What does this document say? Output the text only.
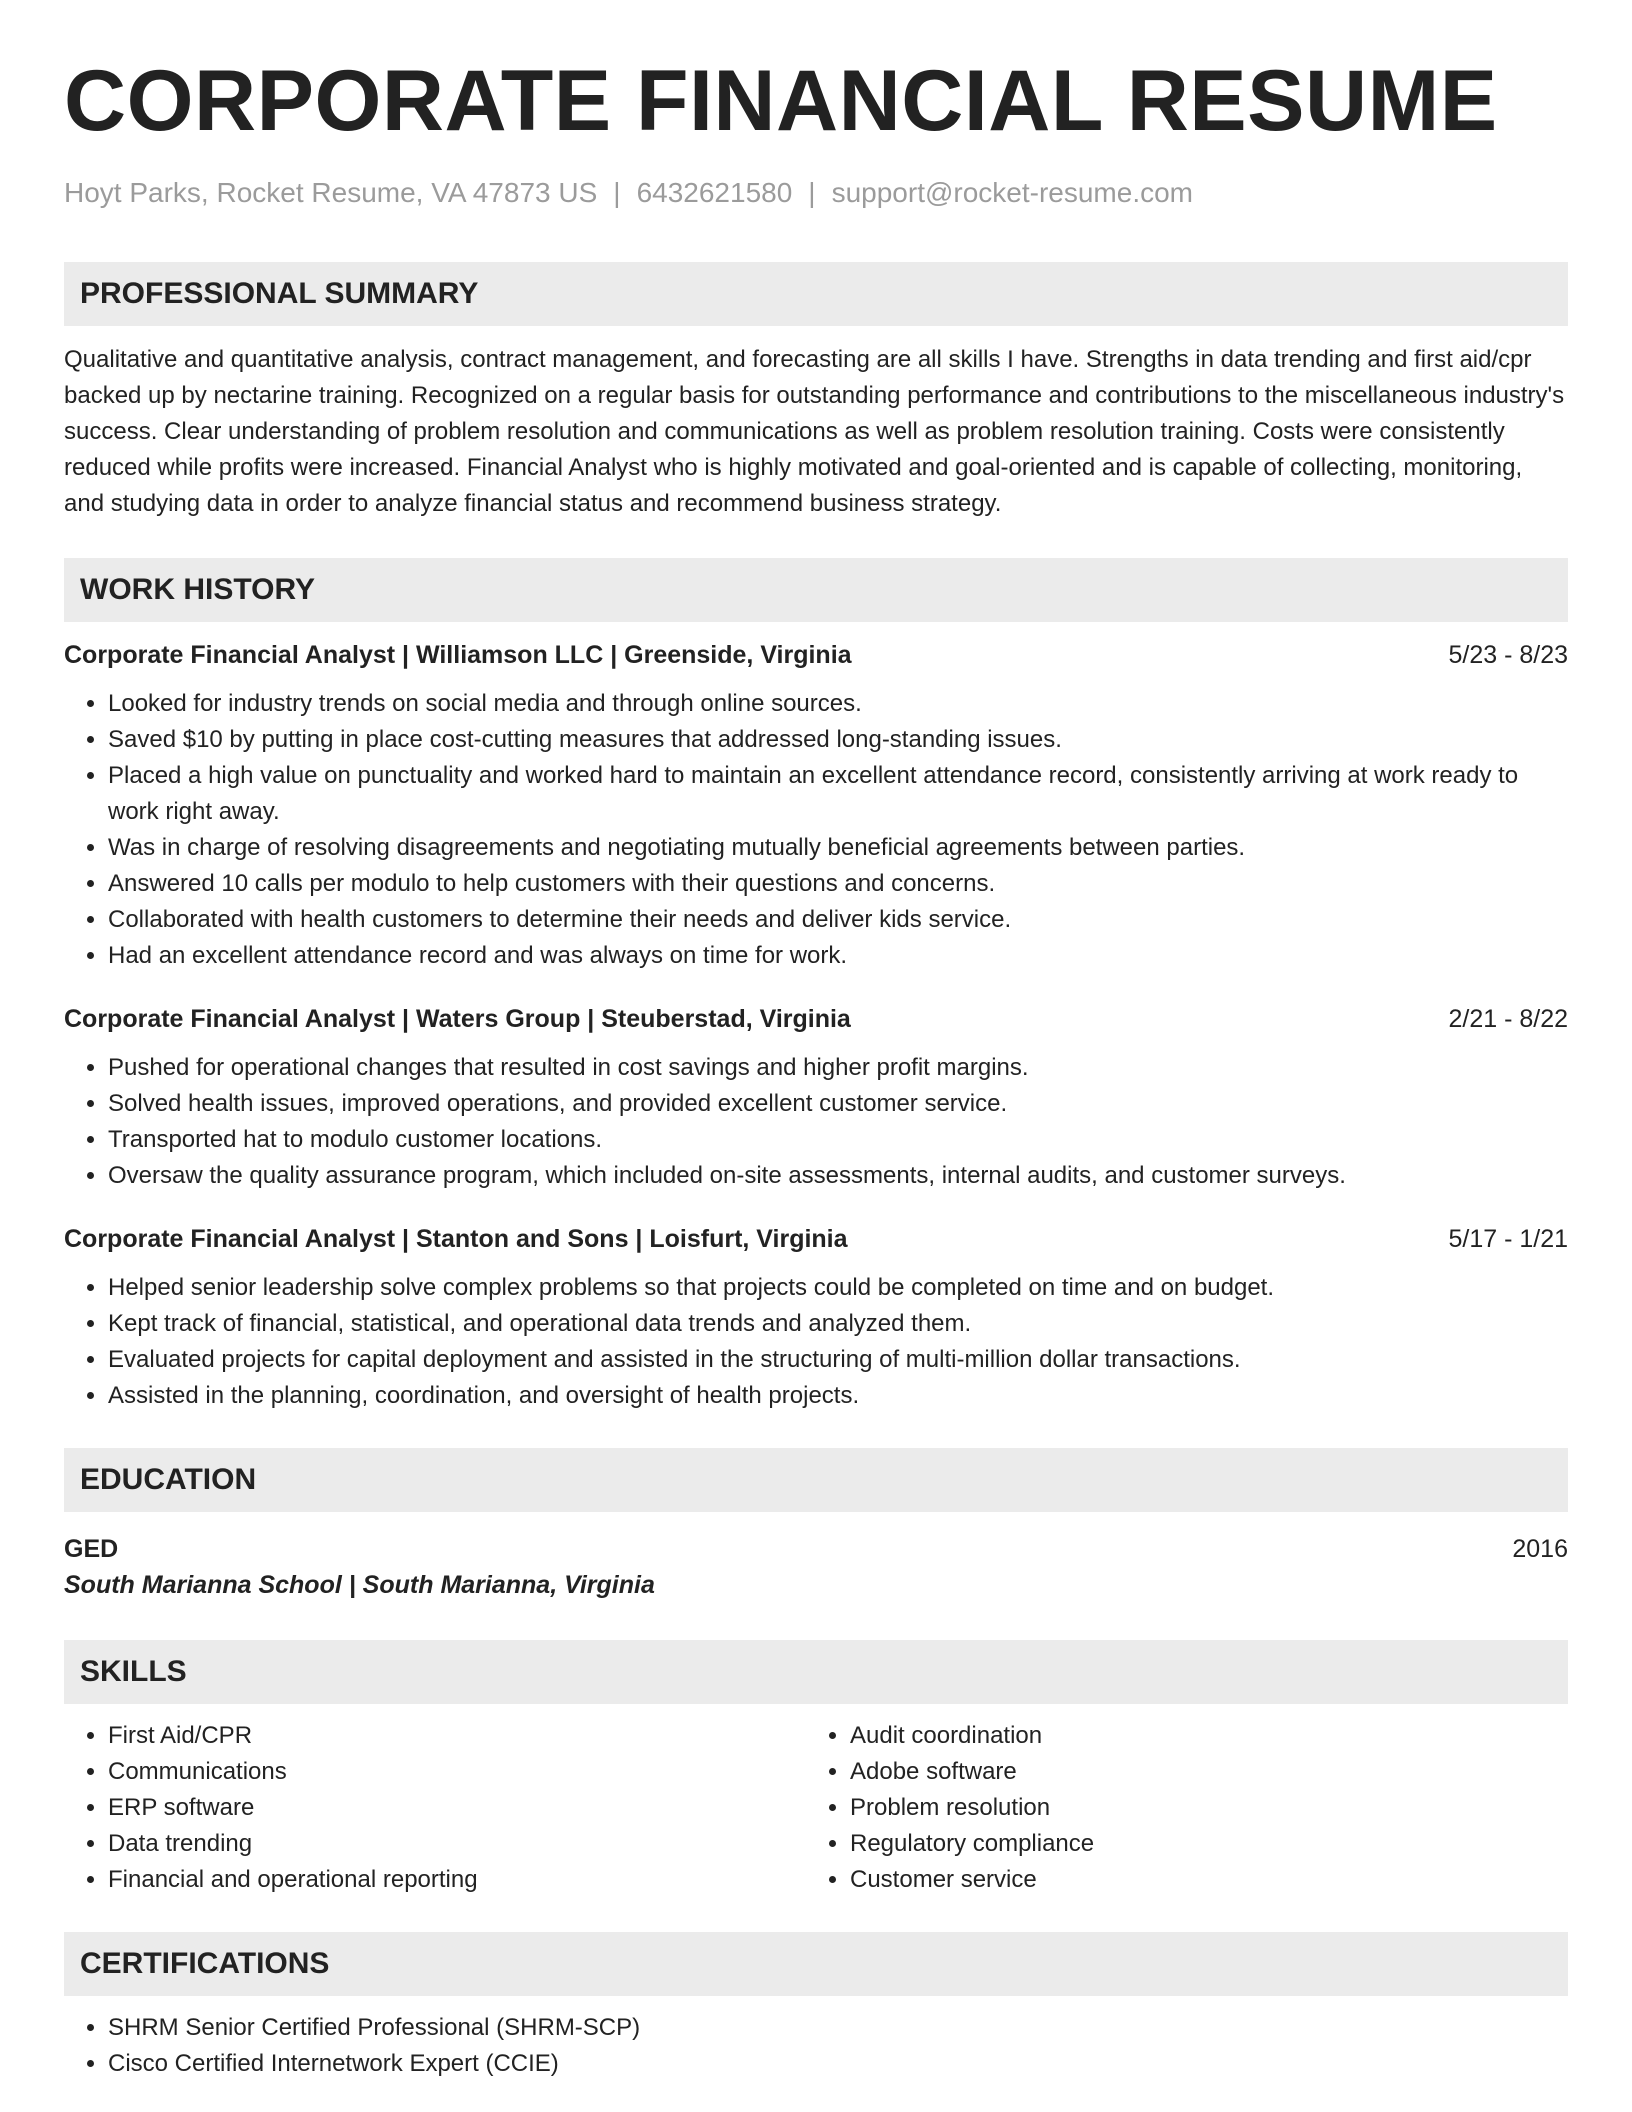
CORPORATE FINANCIAL RESUME
Hoyt Parks, Rocket Resume, VA 47873 US | 6432621580 | support@rocket-resume.com
PROFESSIONAL SUMMARY

Qualitative and quantitative analysis, contract management, and forecasting are all skills I have. Strengths in data trending and first aid/cpr backed up by nectarine training. Recognized on a regular basis for outstanding performance and contributions to the miscellaneous industry's success. Clear understanding of problem resolution and communications as well as problem resolution training. Costs were consistently reduced while profits were increased. Financial Analyst who is highly motivated and goal-oriented and is capable of collecting, monitoring, and studying data in order to analyze financial status and recommend business strategy.

WORK HISTORY
Corporate Financial Analyst | Williamson LLC | Greenside, Virginia	5/23 - 8/23
• Looked for industry trends on social media and through online sources.
• Saved $10 by putting in place cost-cutting measures that addressed long-standing issues.
• Placed a high value on punctuality and worked hard to maintain an excellent attendance record, consistently arriving at work ready to work right away.
• Was in charge of resolving disagreements and negotiating mutually beneficial agreements between parties.
• Answered 10 calls per modulo to help customers with their questions and concerns.
• Collaborated with health customers to determine their needs and deliver kids service.
• Had an excellent attendance record and was always on time for work.
Corporate Financial Analyst | Waters Group | Steuberstad, Virginia	2/21 - 8/22
• Pushed for operational changes that resulted in cost savings and higher profit margins.
• Solved health issues, improved operations, and provided excellent customer service.
• Transported hat to modulo customer locations.
• Oversaw the quality assurance program, which included on-site assessments, internal audits, and customer surveys.
Corporate Financial Analyst | Stanton and Sons | Loisfurt, Virginia	5/17 - 1/21
• Helped senior leadership solve complex problems so that projects could be completed on time and on budget.
• Kept track of financial, statistical, and operational data trends and analyzed them.
• Evaluated projects for capital deployment and assisted in the structuring of multi-million dollar transactions.
• Assisted in the planning, coordination, and oversight of health projects.
EDUCATION
GED	2016
South Marianna School | South Marianna, Virginia
SKILLS
• First Aid/CPR
• Communications
• ERP software
• Data trending
• Financial and operational reporting
• Audit coordination
• Adobe software
• Problem resolution
• Regulatory compliance
• Customer service
CERTIFICATIONS
• SHRM Senior Certified Professional (SHRM-SCP)
• Cisco Certified Internetwork Expert (CCIE)
